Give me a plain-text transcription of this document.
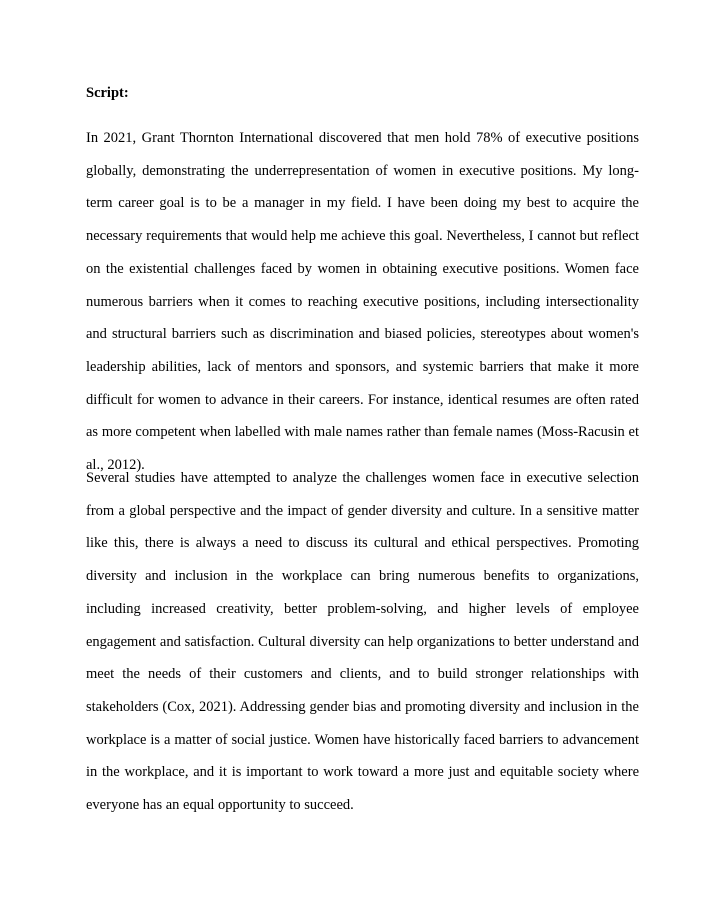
Script:

In 2021, Grant Thornton International discovered that men hold 78% of executive positions globally, demonstrating the underrepresentation of women in executive positions. My long-term career goal is to be a manager in my field. I have been doing my best to acquire the necessary requirements that would help me achieve this goal. Nevertheless, I cannot but reflect on the existential challenges faced by women in obtaining executive positions. Women face numerous barriers when it comes to reaching executive positions, including intersectionality and structural barriers such as discrimination and biased policies, stereotypes about women's leadership abilities, lack of mentors and sponsors, and systemic barriers that make it more difficult for women to advance in their careers. For instance, identical resumes are often rated as more competent when labelled with male names rather than female names (Moss-Racusin et al., 2012).

Several studies have attempted to analyze the challenges women face in executive selection from a global perspective and the impact of gender diversity and culture. In a sensitive matter like this, there is always a need to discuss its cultural and ethical perspectives. Promoting diversity and inclusion in the workplace can bring numerous benefits to organizations, including increased creativity, better problem-solving, and higher levels of employee engagement and satisfaction. Cultural diversity can help organizations to better understand and meet the needs of their customers and clients, and to build stronger relationships with stakeholders (Cox, 2021). Addressing gender bias and promoting diversity and inclusion in the workplace is a matter of social justice. Women have historically faced barriers to advancement in the workplace, and it is important to work toward a more just and equitable society where everyone has an equal opportunity to succeed.
